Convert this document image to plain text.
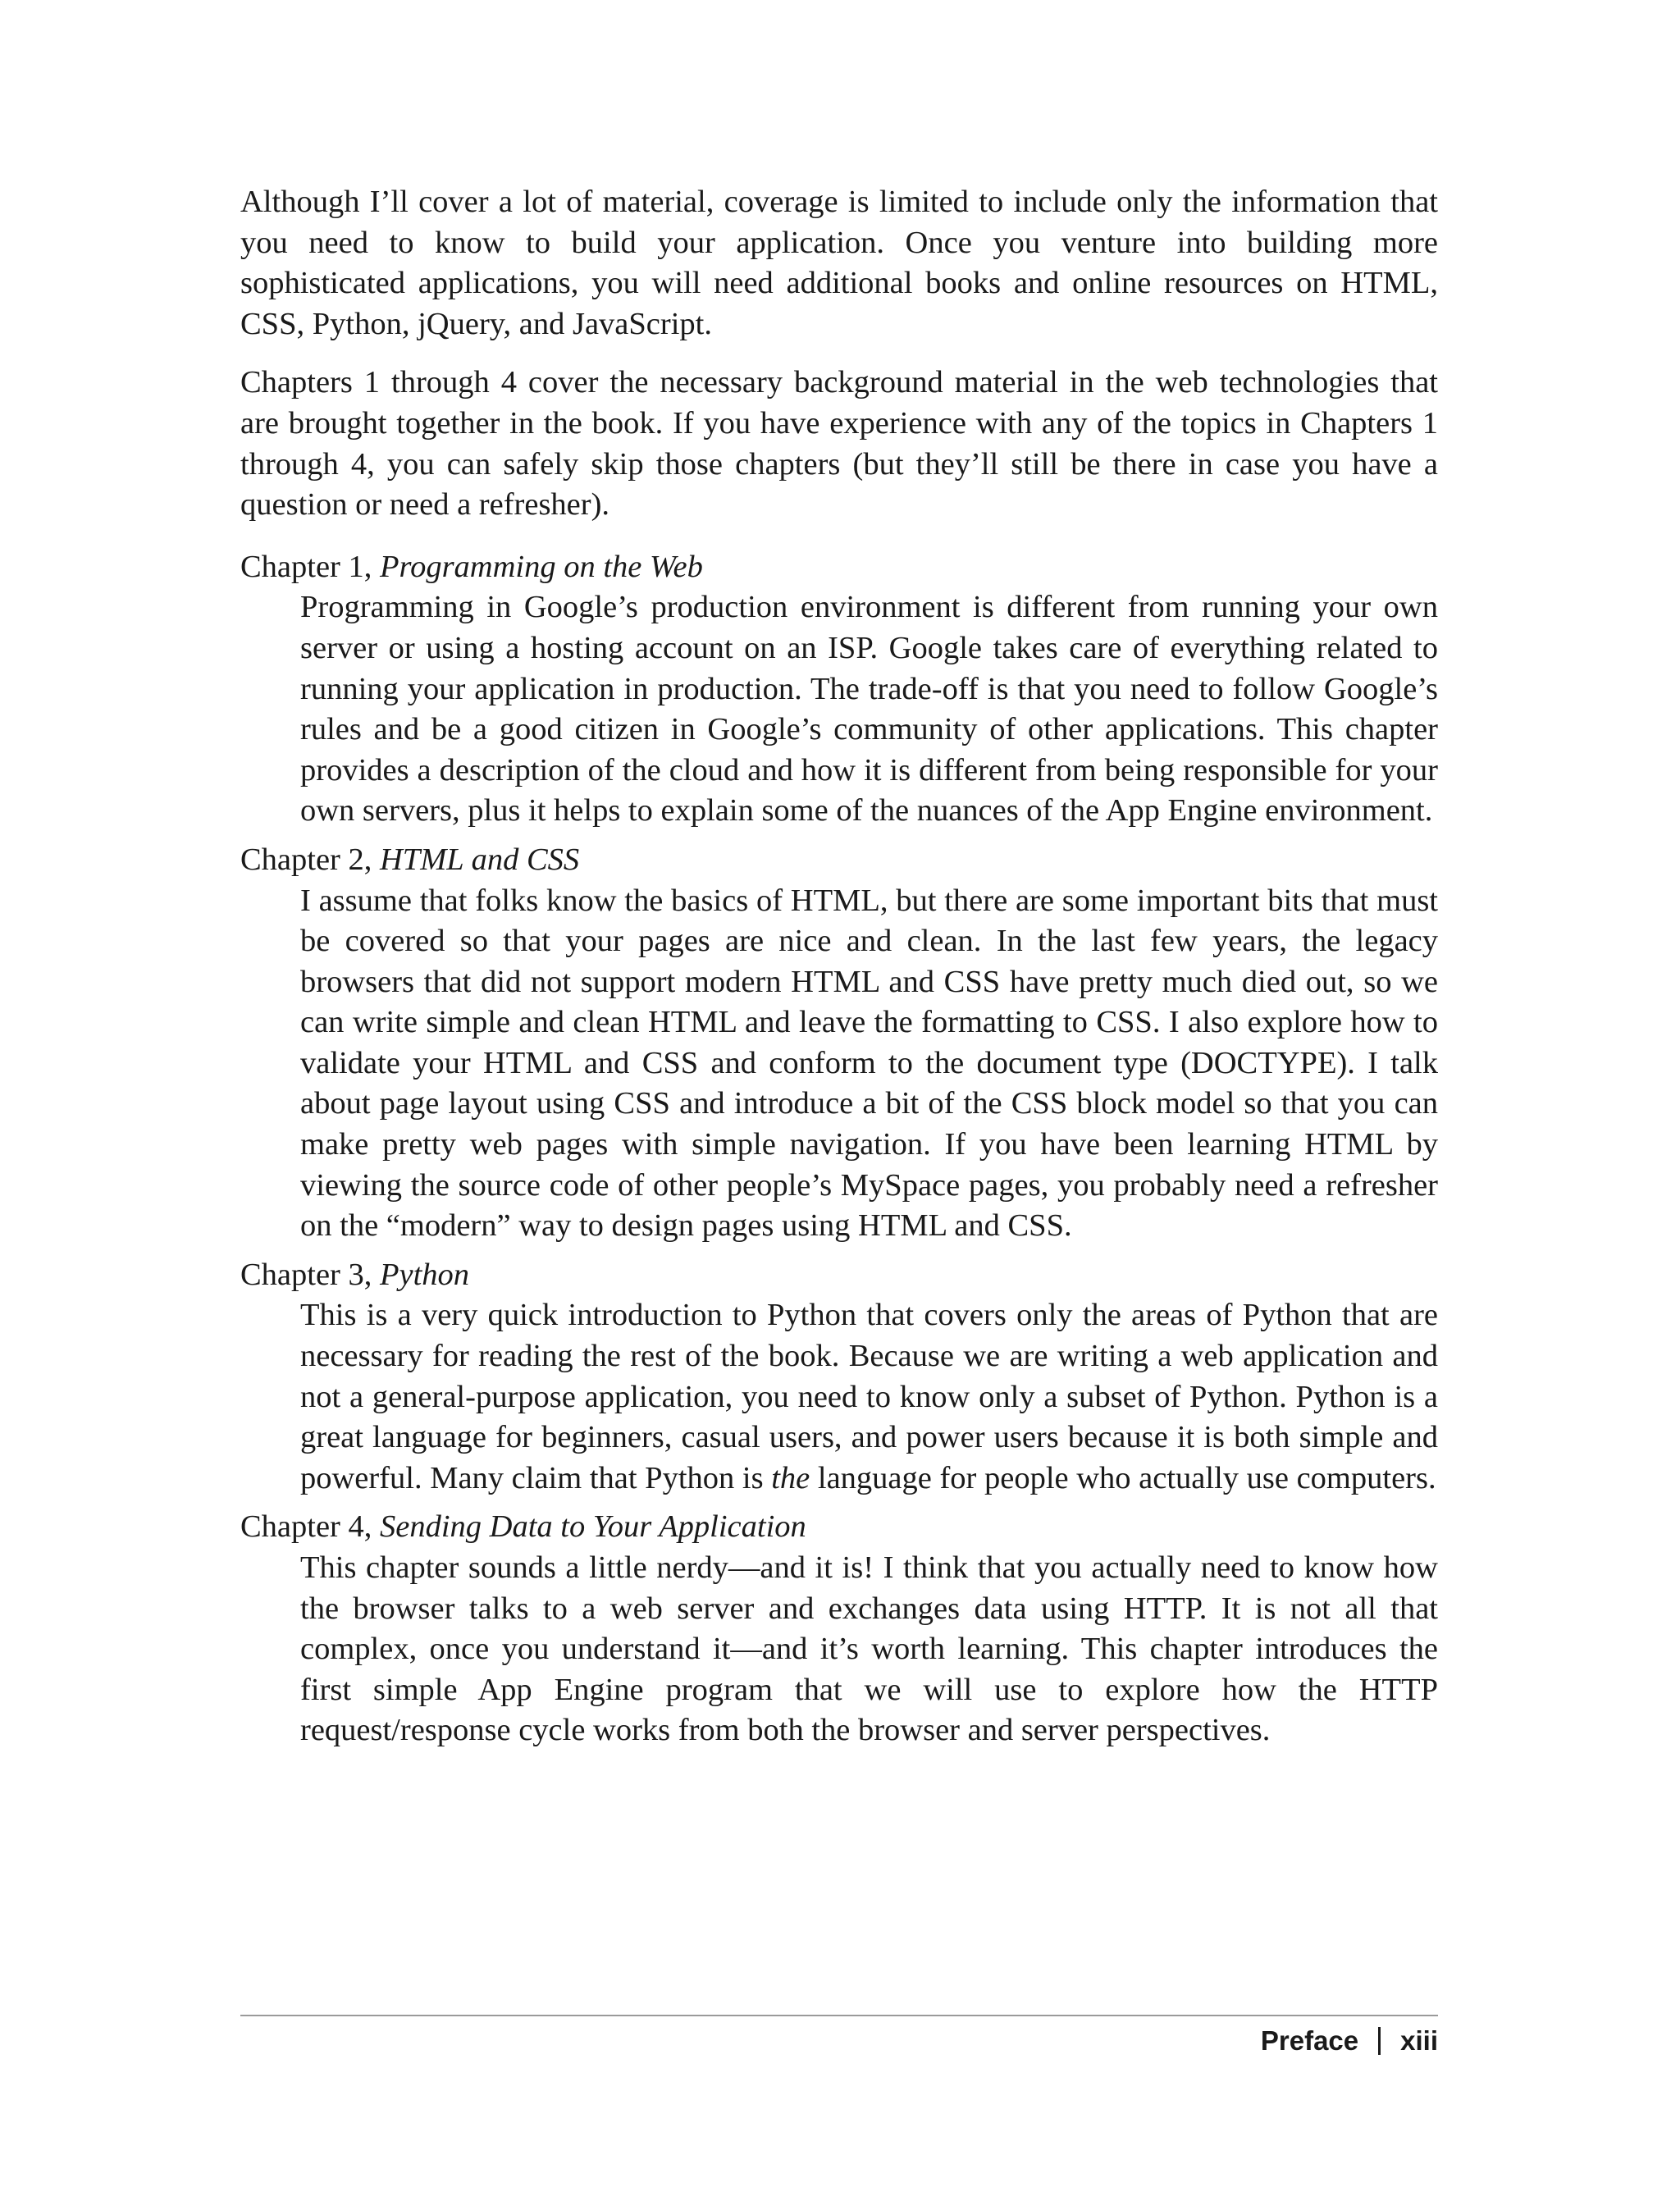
Although I’ll cover a lot of material, coverage is limited to include only the information that you need to know to build your application. Once you venture into building more sophisticated applications, you will need additional books and online resources on HTML, CSS, Python, jQuery, and JavaScript.

Chapters 1 through 4 cover the necessary background material in the web technologies that are brought together in the book. If you have experience with any of the topics in Chapters 1 through 4, you can safely skip those chapters (but they’ll still be there in case you have a question or need a refresher).

Chapter 1, Programming on the Web

Programming in Google’s production environment is different from running your own server or using a hosting account on an ISP. Google takes care of everything related to running your application in production. The trade-off is that you need to follow Google’s rules and be a good citizen in Google’s community of other applications. This chapter provides a description of the cloud and how it is different from being responsible for your own servers, plus it helps to explain some of the nuances of the App Engine environment.

Chapter 2, HTML and CSS

I assume that folks know the basics of HTML, but there are some important bits that must be covered so that your pages are nice and clean. In the last few years, the legacy browsers that did not support modern HTML and CSS have pretty much died out, so we can write simple and clean HTML and leave the formatting to CSS. I also explore how to validate your HTML and CSS and conform to the document type (DOCTYPE). I talk about page layout using CSS and introduce a bit of the CSS block model so that you can make pretty web pages with simple navigation. If you have been learning HTML by viewing the source code of other people’s MySpace pages, you probably need a refresher on the “modern” way to design pages using HTML and CSS.

Chapter 3, Python

This is a very quick introduction to Python that covers only the areas of Python that are necessary for reading the rest of the book. Because we are writing a web application and not a general-purpose application, you need to know only a subset of Python. Python is a great language for beginners, casual users, and power users because it is both simple and powerful. Many claim that Python is the language for people who actually use computers.

Chapter 4, Sending Data to Your Application

This chapter sounds a little nerdy—and it is! I think that you actually need to know how the browser talks to a web server and exchanges data using HTTP. It is not all that complex, once you understand it—and it’s worth learning. This chapter introduces the first simple App Engine program that we will use to explore how the HTTP request/response cycle works from both the browser and server perspectives.

Preface xiii
